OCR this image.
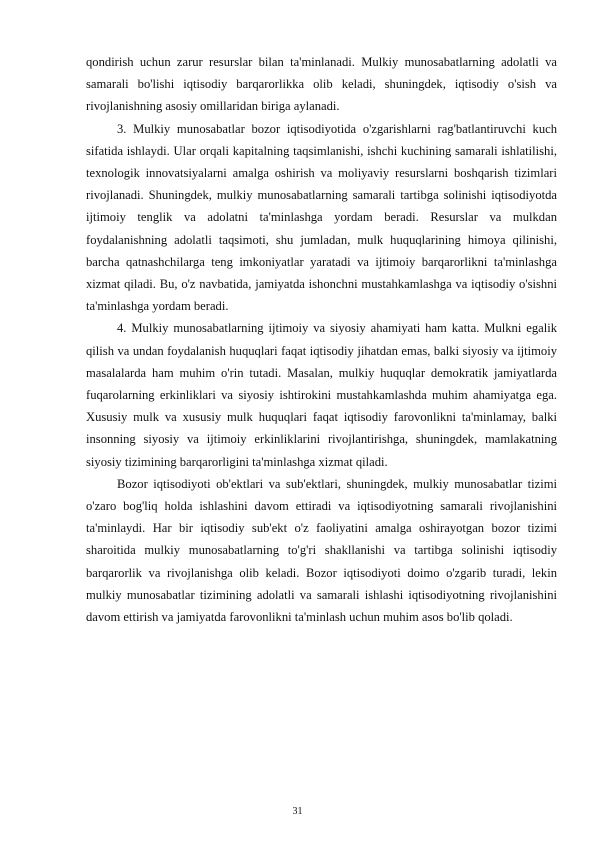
qondirish uchun zarur resurslar bilan ta'minlanadi. Mulkiy munosabatlarning adolatli va samarali bo'lishi iqtisodiy barqarorlikka olib keladi, shuningdek, iqtisodiy o'sish va rivojlanishning asosiy omillaridan biriga aylanadi.

3. Mulkiy munosabatlar bozor iqtisodiyotida o'zgarishlarni rag'batlantiruvchi kuch sifatida ishlaydi. Ular orqali kapitalning taqsimlanishi, ishchi kuchining samarali ishlatilishi, texnologik innovatsiyalarni amalga oshirish va moliyaviy resurslarni boshqarish tizimlari rivojlanadi. Shuningdek, mulkiy munosabatlarning samarali tartibga solinishi iqtisodiyotda ijtimoiy tenglik va adolatni ta'minlashga yordam beradi. Resurslar va mulkdan foydalanishning adolatli taqsimoti, shu jumladan, mulk huquqlarining himoya qilinishi, barcha qatnashchilarga teng imkoniyatlar yaratadi va ijtimoiy barqarorlikni ta'minlashga xizmat qiladi. Bu, o'z navbatida, jamiyatda ishonchni mustahkamlashga va iqtisodiy o'sishni ta'minlashga yordam beradi.

4. Mulkiy munosabatlarning ijtimoiy va siyosiy ahamiyati ham katta. Mulkni egalik qilish va undan foydalanish huquqlari faqat iqtisodiy jihatdan emas, balki siyosiy va ijtimoiy masalalarda ham muhim o'rin tutadi. Masalan, mulkiy huquqlar demokratik jamiyatlarda fuqarolarning erkinliklari va siyosiy ishtirokini mustahkamlashda muhim ahamiyatga ega. Xususiy mulk va xususiy mulk huquqlari faqat iqtisodiy farovonlikni ta'minlamay, balki insonning siyosiy va ijtimoiy erkinliklarini rivojlantirishga, shuningdek, mamlakatning siyosiy tizimining barqarorligini ta'minlashga xizmat qiladi.

Bozor iqtisodiyoti ob'ektlari va sub'ektlari, shuningdek, mulkiy munosabatlar tizimi o'zaro bog'liq holda ishlashini davom ettiradi va iqtisodiyotning samarali rivojlanishini ta'minlaydi. Har bir iqtisodiy sub'ekt o'z faoliyatini amalga oshirayotgan bozor tizimi sharoitida mulkiy munosabatlarning to'g'ri shakllanishi va tartibga solinishi iqtisodiy barqarorlik va rivojlanishga olib keladi. Bozor iqtisodiyoti doimo o'zgarib turadi, lekin mulkiy munosabatlar tizimining adolatli va samarali ishlashi iqtisodiyotning rivojlanishini davom ettirish va jamiyatda farovonlikni ta'minlash uchun muhim asos bo'lib qoladi.

31
